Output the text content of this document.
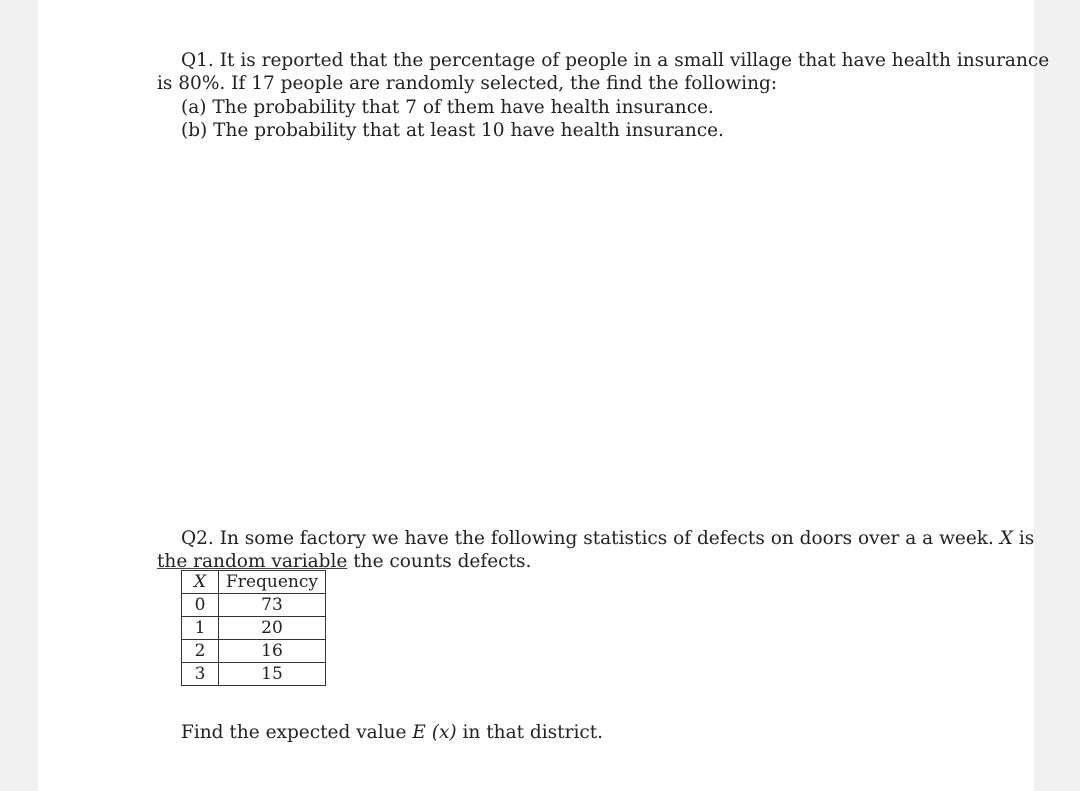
Q1. It is reported that the percentage of people in a small village that have health insurance
is 80%. If 17 people are randomly selected, the find the following:
(a) The probability that 7 of them have health insurance.
(b) The probability that at least 10 have health insurance.
Q2. In some factory we have the following statistics of defects on doors over a a week. X is
the random variable the counts defects.
X	Frequency
0	73
1	20
2	16
3	15
Find the expected value E (x) in that district.
